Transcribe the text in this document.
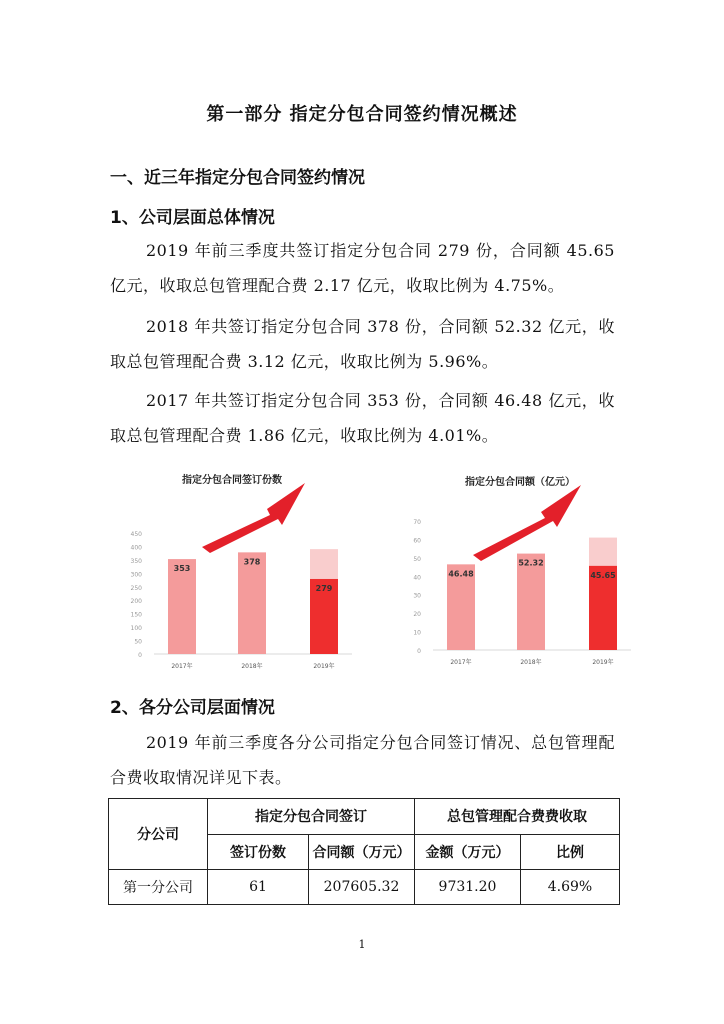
第一部分 指定分包合同签约情况概述
一、近三年指定分包合同签约情况
1、公司层面总体情况
2019 年前三季度共签订指定分包合同 279 份，合同额 45.65 亿元，收取总包管理配合费 2.17 亿元，收取比例为 4.75%。
2018 年共签订指定分包合同 378 份，合同额 52.32 亿元，收取总包管理配合费 3.12 亿元，收取比例为 5.96%。
2017 年共签订指定分包合同 353 份，合同额 46.48 亿元，收取总包管理配合费 1.86 亿元，收取比例为 4.01%。
指定分包合同签订份数
450
400
350
300
250
200
150
100
50
0
353
2017年
378
2018年
279
2019年
指定分包合同额（亿元）
70
60
50
40
30
20
10
0
46.48
2017年
52.32
2018年
45.65
2019年
2、各分公司层面情况
2019 年前三季度各分公司指定分包合同签订情况、总包管理配合费收取情况详见下表。
分公司	指定分包合同签订		总包管理配合费费收取	
	签订份数	合同额（万元）	金额（万元）	比例
第一分公司	61	207605.32	9731.20	4.69%
1
